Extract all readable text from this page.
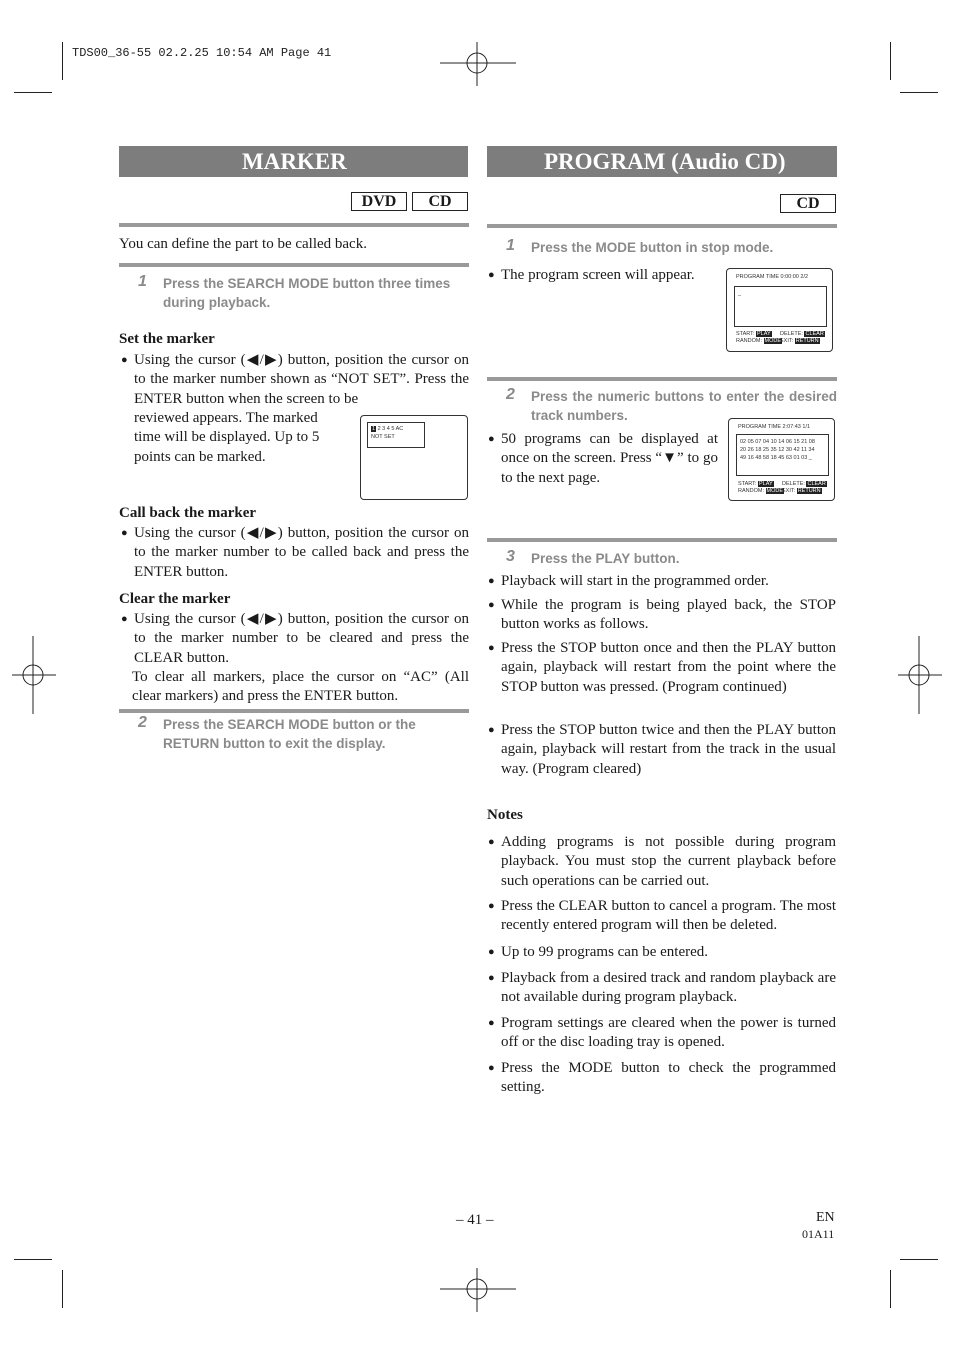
TDS00_36-55 02.2.25 10:54 AM Page 41
MARKER
DVD	CD
You can define the part to be called back.
1 Press the SEARCH MODE button three times during playback.
Set the marker
● Using the cursor (◀/▶) button, position the cursor on to the marker number shown as “NOT SET”. Press the ENTER button when the screen to be
reviewed appears. The marked time will be displayed. Up to 5 points can be marked.
1 2 3 4 5 AC
NOT SET
Call back the marker
● Using the cursor (◀/▶) button, position the cursor on to the marker number to be called back and press the ENTER button.
Clear the marker
● Using the cursor (◀/▶) button, position the cursor on to the marker number to be cleared and press the CLEAR button.
To clear all markers, place the cursor on “AC” (All clear markers) and press the ENTER button.
2 Press the SEARCH MODE button or the RETURN button to exit the display.
PROGRAM (Audio CD)
CD
1 Press the MODE button in stop mode.
● The program screen will appear.	PROGRAM TIME 0:00:00 2/2
_
START: PLAY
RANDOM: MODE
DELETE: CLEAR
EXIT: RETURN
2 Press the numeric buttons to enter the desired track numbers.
● 50 programs can be displayed at once on the screen. Press “▼” to go to the next page.
PROGRAM TIME 2:07:43 1/1
02 05 07 04 10 14 06 15 21 08
20 26 18 25 35 12 30 42 11 34
49 16 48 58 18 45 63 01 03 _
START: PLAY
RANDOM: MODE
DELETE: CLEAR
EXIT: RETURN
3 Press the PLAY button.
● Playback will start in the programmed order.
● While the program is being played back, the STOP button works as follows.
● Press the STOP button once and then the PLAY button again, playback will restart from the point where the STOP button was pressed. (Program continued)
● Press the STOP button twice and then the PLAY button again, playback will restart from the track in the usual way. (Program cleared)
Notes
● Adding programs is not possible during program playback. You must stop the current playback before such operations can be carried out.
● Press the CLEAR button to cancel a program. The most recently entered program will then be deleted.
● Up to 99 programs can be entered.
● Playback from a desired track and random playback are not available during program playback.
● Program settings are cleared when the power is turned off or the disc loading tray is opened.
● Press the MODE button to check the programmed setting.
– 41 –	EN
01A11
